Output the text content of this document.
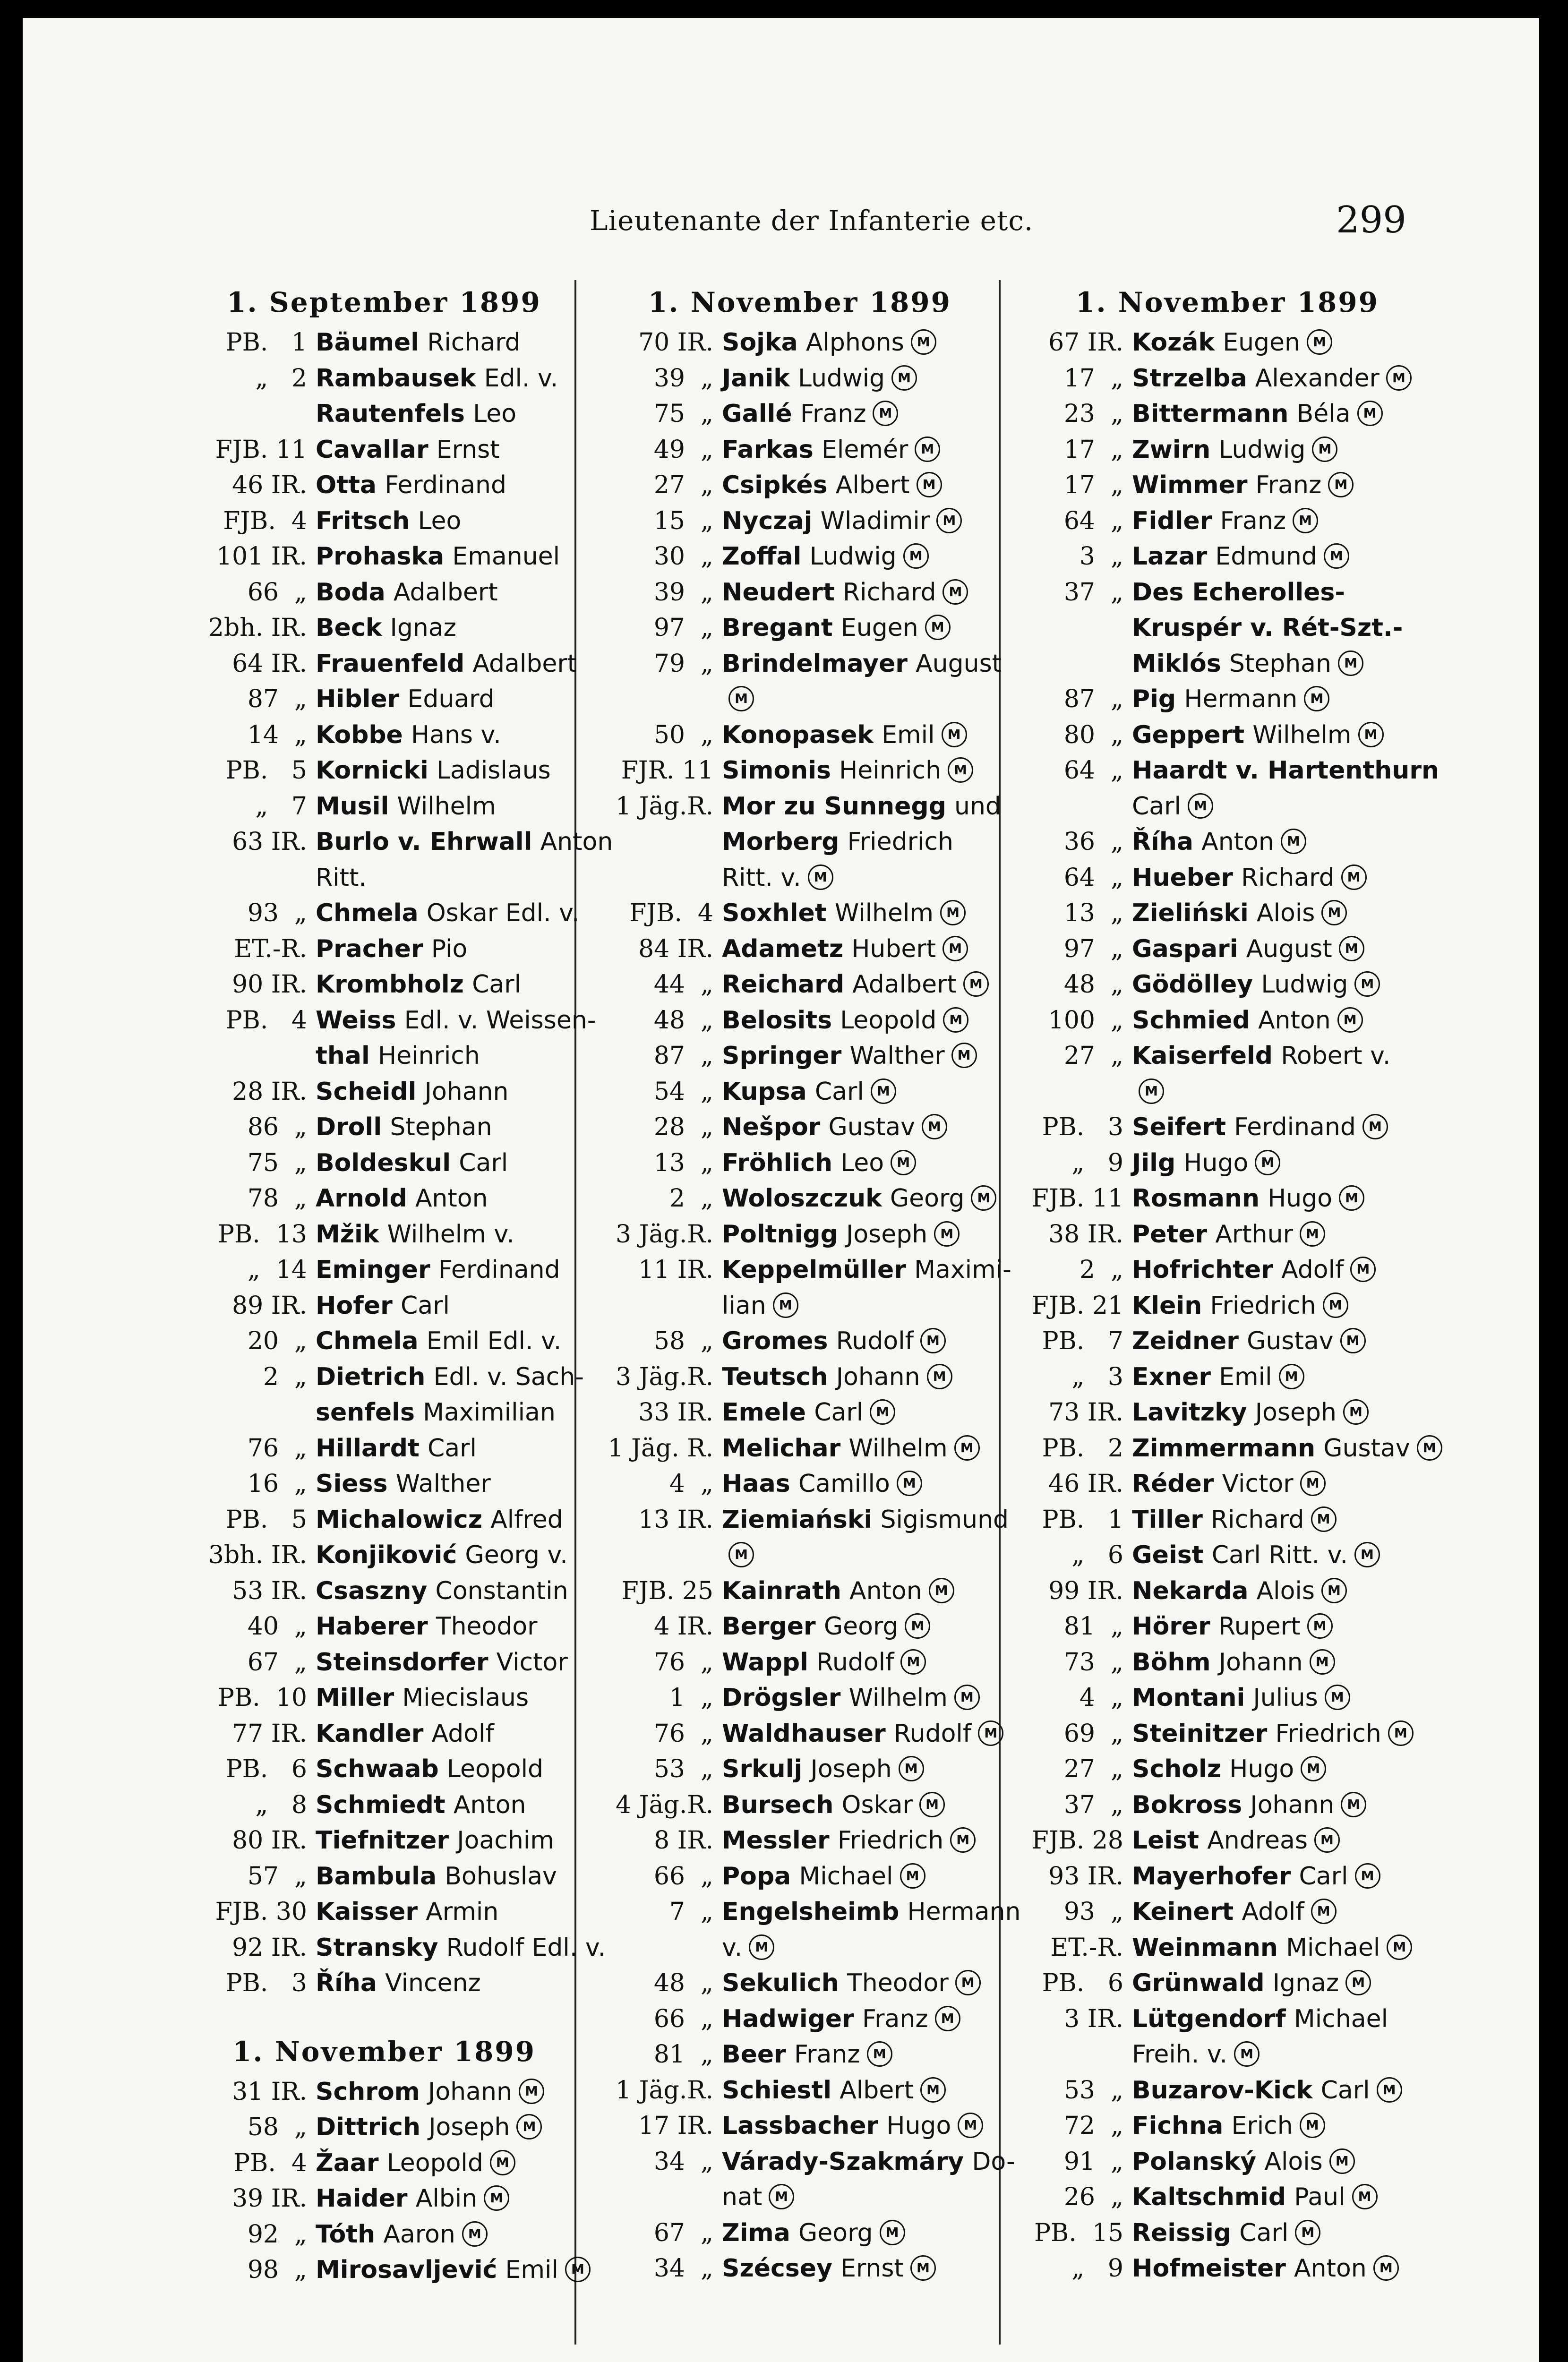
Lieutenante der Infanterie etc.	299
1. September 1899
PB.   1 Bäumel Richard
„   2 Rambausek Edl. v.
Rautenfels Leo
FJB. 11 Cavallar Ernst
46 IR. Otta Ferdinand
FJB.  4 Fritsch Leo
101 IR. Prohaska Emanuel
66  „ Boda Adalbert
2bh. IR. Beck Ignaz
64 IR. Frauenfeld Adalbert
87  „ Hibler Eduard
14  „ Kobbe Hans v.
PB.   5 Kornicki Ladislaus
„   7 Musil Wilhelm
63 IR. Burlo v. Ehrwall Anton
Ritt.
93  „ Chmela Oskar Edl. v.
ET.-R. Pracher Pio
90 IR. Krombholz Carl
PB.   4 Weiss Edl. v. Weissen-
thal Heinrich
28 IR. Scheidl Johann
86  „ Droll Stephan
75  „ Boldeskul Carl
78  „ Arnold Anton
PB.  13 Mžik Wilhelm v.
„  14 Eminger Ferdinand
89 IR. Hofer Carl
20  „ Chmela Emil Edl. v.
2  „ Dietrich Edl. v. Sach-
senfels Maximilian
76  „ Hillardt Carl
16  „ Siess Walther
PB.   5 Michalowicz Alfred
3bh. IR. Konjiković Georg v.
53 IR. Csaszny Constantin
40  „ Haberer Theodor
67  „ Steinsdorfer Victor
PB.  10 Miller Miecislaus
77 IR. Kandler Adolf
PB.   6 Schwaab Leopold
„   8 Schmiedt Anton
80 IR. Tiefnitzer Joachim
57  „ Bambula Bohuslav
FJB. 30 Kaisser Armin
92 IR. Stransky Rudolf Edl. v.
PB.   3 Říha Vincenz
1. November 1899
31 IR. Schrom Johann M
58  „ Dittrich Joseph M
PB.  4 Žaar Leopold M
39 IR. Haider Albin M
92  „ Tóth Aaron M
98  „ Mirosavljević Emil M
1. November 1899
70 IR. Sojka Alphons M
39  „ Janik Ludwig M
75  „ Gallé Franz M
49  „ Farkas Elemér M
27  „ Csipkés Albert M
15  „ Nyczaj Wladimir M
30  „ Zoffal Ludwig M
39  „ Neudert Richard M
97  „ Bregant Eugen M
79  „ Brindelmayer August
M
50  „ Konopasek Emil M
FJR. 11 Simonis Heinrich M
1 Jäg.R. Mor zu Sunnegg und
Morberg Friedrich
Ritt. v. M
FJB.  4 Soxhlet Wilhelm M
84 IR. Adametz Hubert M
44  „ Reichard Adalbert M
48  „ Belosits Leopold M
87  „ Springer Walther M
54  „ Kupsa Carl M
28  „ Nešpor Gustav M
13  „ Fröhlich Leo M
2  „ Woloszczuk Georg M
3 Jäg.R. Poltnigg Joseph M
11 IR. Keppelmüller Maximi-
lian M
58  „ Gromes Rudolf M
3 Jäg.R. Teutsch Johann M
33 IR. Emele Carl M
1 Jäg. R. Melichar Wilhelm M
4  „ Haas Camillo M
13 IR. Ziemiański Sigismund
M
FJB. 25 Kainrath Anton M
4 IR. Berger Georg M
76  „ Wappl Rudolf M
1  „ Drögsler Wilhelm M
76  „ Waldhauser Rudolf M
53  „ Srkulj Joseph M
4 Jäg.R. Bursech Oskar M
8 IR. Messler Friedrich M
66  „ Popa Michael M
7  „ Engelsheimb Hermann
v. M
48  „ Sekulich Theodor M
66  „ Hadwiger Franz M
81  „ Beer Franz M
1 Jäg.R. Schiestl Albert M
17 IR. Lassbacher Hugo M
34  „ Várady-Szakmáry Do-
nat M
67  „ Zima Georg M
34  „ Szécsey Ernst M
1. November 1899
67 IR. Kozák Eugen M
17  „ Strzelba Alexander M
23  „ Bittermann Béla M
17  „ Zwirn Ludwig M
17  „ Wimmer Franz M
64  „ Fidler Franz M
3  „ Lazar Edmund M
37  „ Des Echerolles-
Kruspér v. Rét-Szt.-
Miklós Stephan M
87  „ Pig Hermann M
80  „ Geppert Wilhelm M
64  „ Haardt v. Hartenthurn
Carl M
36  „ Říha Anton M
64  „ Hueber Richard M
13  „ Zieliński Alois M
97  „ Gaspari August M
48  „ Gödölley Ludwig M
100  „ Schmied Anton M
27  „ Kaiserfeld Robert v.
M
PB.   3 Seifert Ferdinand M
„   9 Jilg Hugo M
FJB. 11 Rosmann Hugo M
38 IR. Peter Arthur M
2  „ Hofrichter Adolf M
FJB. 21 Klein Friedrich M
PB.   7 Zeidner Gustav M
„   3 Exner Emil M
73 IR. Lavitzky Joseph M
PB.   2 Zimmermann Gustav M
46 IR. Réder Victor M
PB.   1 Tiller Richard M
„   6 Geist Carl Ritt. v. M
99 IR. Nekarda Alois M
81  „ Hörer Rupert M
73  „ Böhm Johann M
4  „ Montani Julius M
69  „ Steinitzer Friedrich M
27  „ Scholz Hugo M
37  „ Bokross Johann M
FJB. 28 Leist Andreas M
93 IR. Mayerhofer Carl M
93  „ Keinert Adolf M
ET.-R. Weinmann Michael M
PB.   6 Grünwald Ignaz M
3 IR. Lütgendorf Michael
Freih. v. M
53  „ Buzarov-Kick Carl M
72  „ Fichna Erich M
91  „ Polanský Alois M
26  „ Kaltschmid Paul M
PB.  15 Reissig Carl M
„   9 Hofmeister Anton M
